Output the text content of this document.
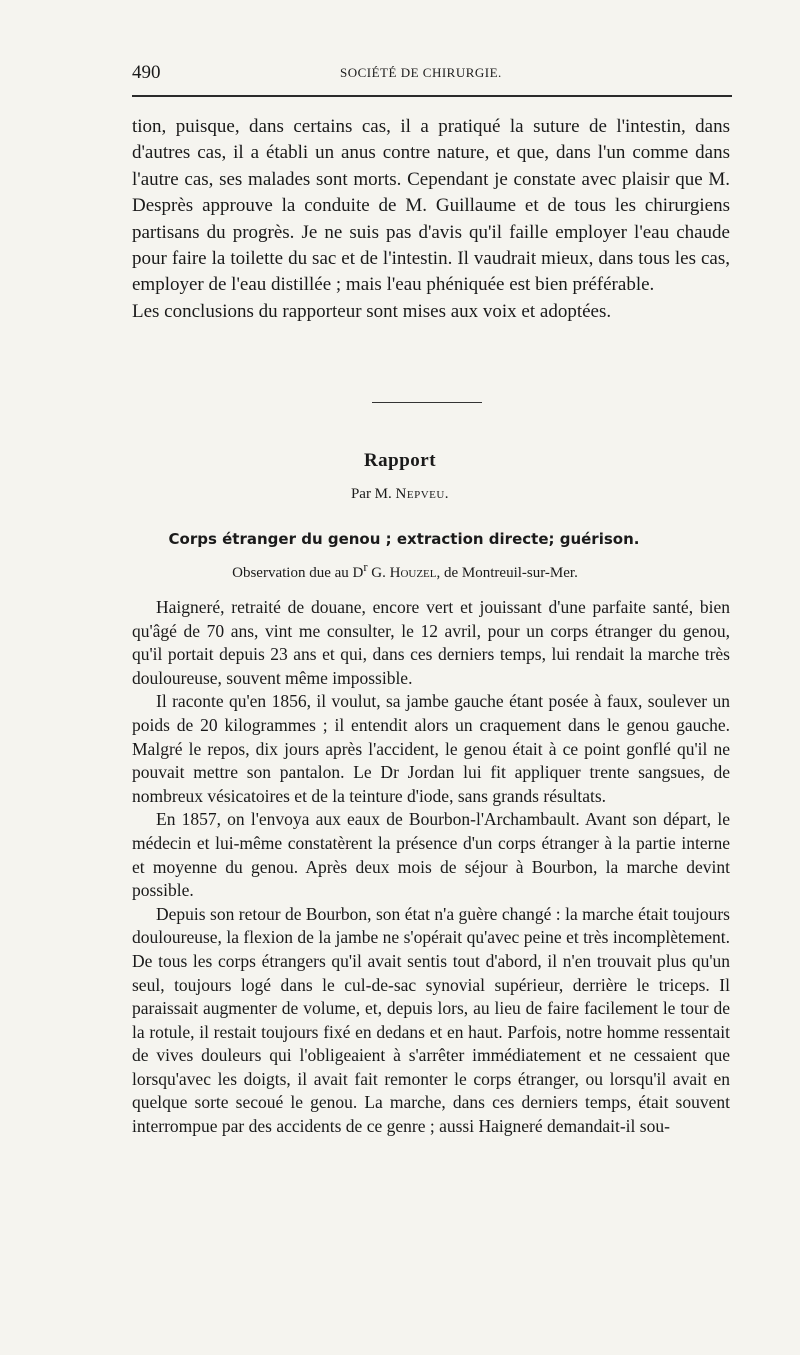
490	SOCIÉTÉ DE CHIRURGIE.

tion, puisque, dans certains cas, il a pratiqué la suture de l'intestin, dans d'autres cas, il a établi un anus contre nature, et que, dans l'un comme dans l'autre cas, ses malades sont morts. Cependant je constate avec plaisir que M. Desprès approuve la conduite de M. Guillaume et de tous les chirurgiens partisans du progrès. Je ne suis pas d'avis qu'il faille employer l'eau chaude pour faire la toilette du sac et de l'intestin. Il vaudrait mieux, dans tous les cas, employer de l'eau distillée ; mais l'eau phéniquée est bien préférable.

Les conclusions du rapporteur sont mises aux voix et adoptées.

Rapport
Par M. Nepveu.
Corps étranger du genou ; extraction directe; guérison.
Observation due au $D^r$ G. Houzel, de Montreuil-sur-Mer.

Haigneré, retraité de douane, encore vert et jouissant d'une parfaite santé, bien qu'âgé de 70 ans, vint me consulter, le 12 avril, pour un corps étranger du genou, qu'il portait depuis 23 ans et qui, dans ces derniers temps, lui rendait la marche très douloureuse, souvent même impossible.

Il raconte qu'en 1856, il voulut, sa jambe gauche étant posée à faux, soulever un poids de 20 kilogrammes ; il entendit alors un craquement dans le genou gauche. Malgré le repos, dix jours après l'accident, le genou était à ce point gonflé qu'il ne pouvait mettre son pantalon. Le Dr Jordan lui fit appliquer trente sangsues, de nombreux vésicatoires et de la teinture d'iode, sans grands résultats.

En 1857, on l'envoya aux eaux de Bourbon-l'Archambault. Avant son départ, le médecin et lui-même constatèrent la présence d'un corps étranger à la partie interne et moyenne du genou. Après deux mois de séjour à Bourbon, la marche devint possible.

Depuis son retour de Bourbon, son état n'a guère changé : la marche était toujours douloureuse, la flexion de la jambe ne s'opérait qu'avec peine et très incomplètement. De tous les corps étrangers qu'il avait sentis tout d'abord, il n'en trouvait plus qu'un seul, toujours logé dans le cul-de-sac synovial supérieur, derrière le triceps. Il paraissait augmenter de volume, et, depuis lors, au lieu de faire facilement le tour de la rotule, il restait toujours fixé en dedans et en haut. Parfois, notre homme ressentait de vives douleurs qui l'obligeaient à s'arrêter immédiatement et ne cessaient que lorsqu'avec les doigts, il avait fait remonter le corps étranger, ou lorsqu'il avait en quelque sorte secoué le genou. La marche, dans ces derniers temps, était souvent interrompue par des accidents de ce genre ; aussi Haigneré demandait-il sou-
